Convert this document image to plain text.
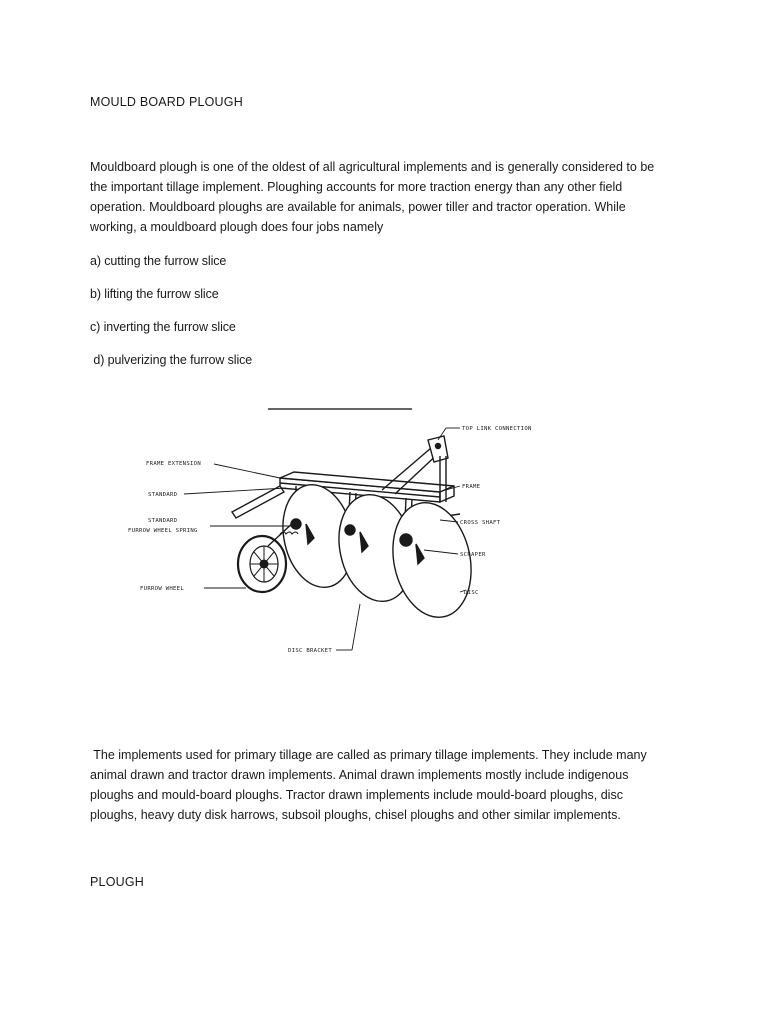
MOULD BOARD PLOUGH

Mouldboard plough is one of the oldest of all agricultural implements and is generally considered to be

the important tillage implement. Ploughing accounts for more traction energy than any other field

operation. Mouldboard ploughs are available for animals, power tiller and tractor operation. While

working, a mouldboard plough does four jobs namely

a) cutting the furrow slice
b) lifting the furrow slice
c) inverting the furrow slice
d) pulverizing the furrow slice
TOP LINK CONNECTION
FRAME EXTENSION
FRAME
STANDARD
STANDARD
FURROW WHEEL SPRING
CROSS SHAFT
SCRAPER
FURROW WHEEL
DISC
DISC BRACKET

The implements used for primary tillage are called as primary tillage implements. They include many

animal drawn and tractor drawn implements. Animal drawn implements mostly include indigenous

ploughs and mould-board ploughs. Tractor drawn implements include mould-board ploughs, disc

ploughs, heavy duty disk harrows, subsoil ploughs, chisel ploughs and other similar implements.

PLOUGH
